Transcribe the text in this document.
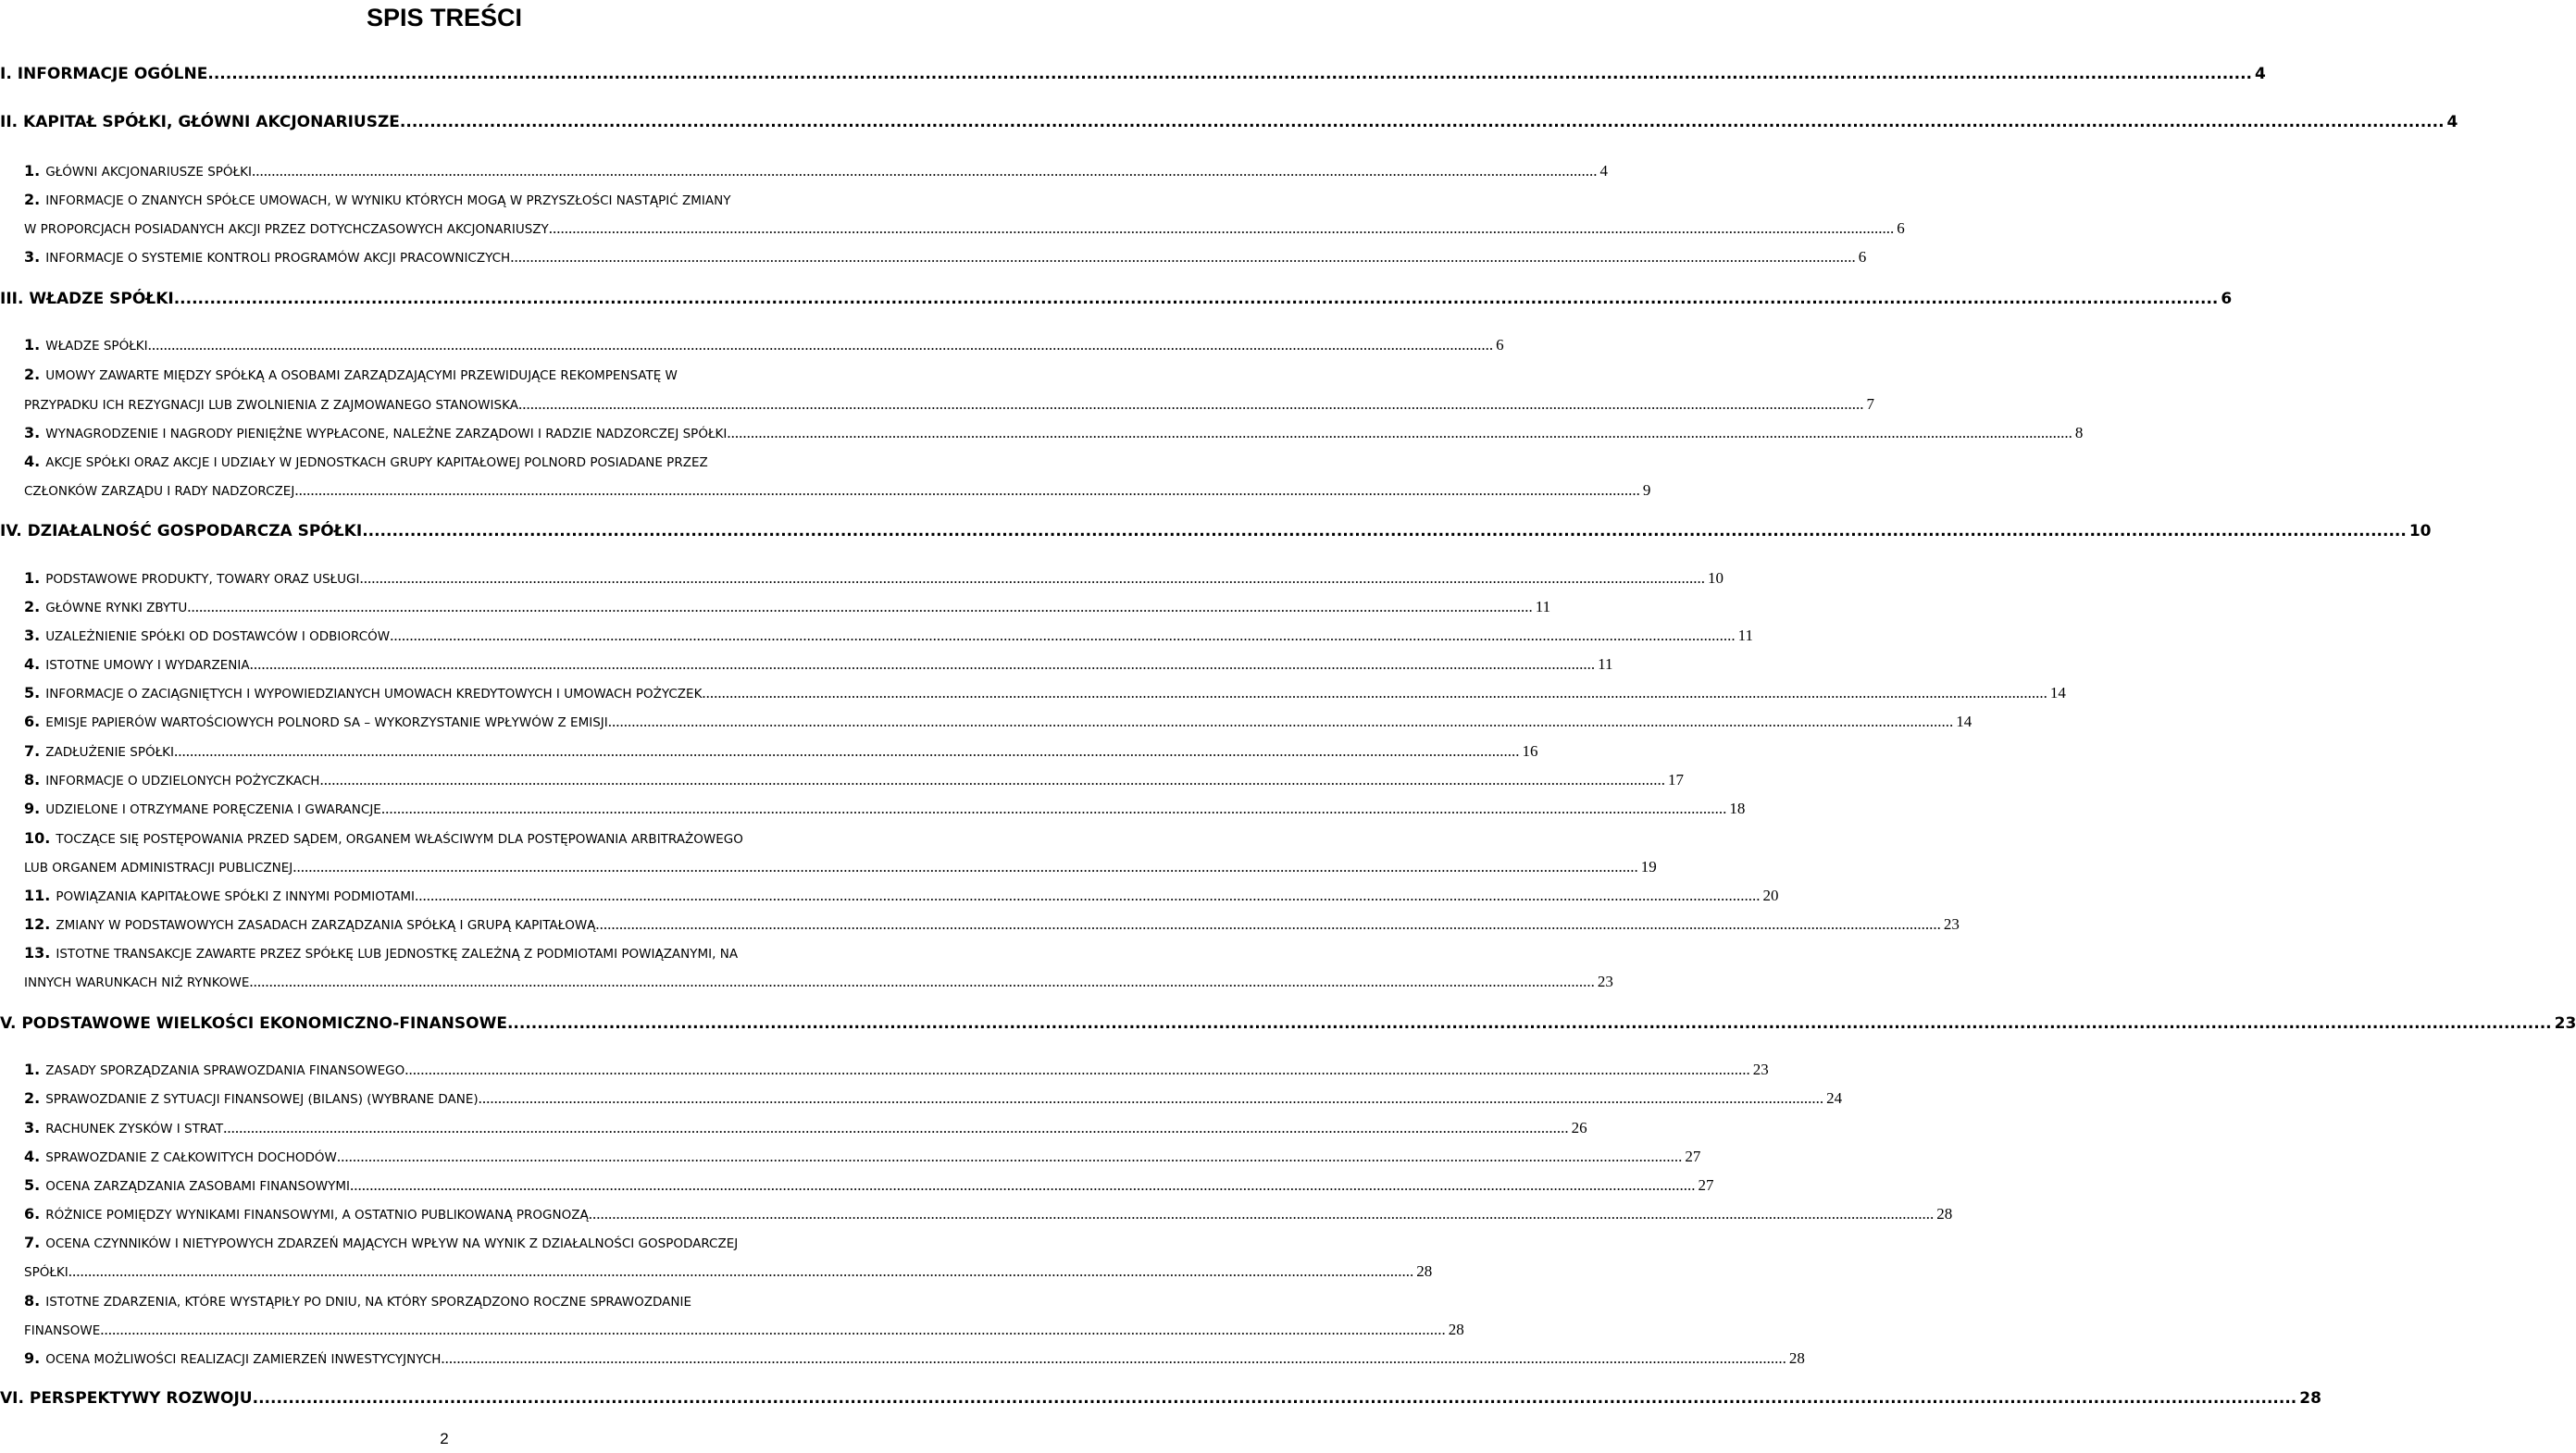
SPIS TREŚCI
I. INFORMACJE OGÓLNE .....	4
II. KAPITAŁ SPÓŁKI, GŁÓWNI AKCJONARIUSZE .....	4
1. GŁÓWNI AKCJONARIUSZE SPÓŁKI .....	4
2. INFORMACJE O ZNANYCH SPÓŁCE UMOWACH, W WYNIKU KTÓRYCH MOGĄ W PRZYSZŁOŚCI NASTĄPIĆ ZMIANY
W PROPORCJACH POSIADANYCH AKCJI PRZEZ DOTYCHCZASOWYCH AKCJONARIUSZY .....	6
3. INFORMACJE O SYSTEMIE KONTROLI PROGRAMÓW AKCJI PRACOWNICZYCH .....	6
III. WŁADZE SPÓŁKI .....	6
1. WŁADZE SPÓŁKI .....	6
2. UMOWY ZAWARTE MIĘDZY SPÓŁKĄ A OSOBAMI ZARZĄDZAJĄCYMI PRZEWIDUJĄCE REKOMPENSATĘ W
PRZYPADKU ICH REZYGNACJI LUB ZWOLNIENIA Z ZAJMOWANEGO STANOWISKA .....	7
3. WYNAGRODZENIE I NAGRODY PIENIĘŻNE WYPŁACONE, NALEŻNE ZARZĄDOWI I RADZIE NADZORCZEJ SPÓŁKI .....	8
4. AKCJE SPÓŁKI ORAZ AKCJE I UDZIAŁY W JEDNOSTKACH GRUPY KAPITAŁOWEJ POLNORD POSIADANE PRZEZ
CZŁONKÓW ZARZĄDU I RADY NADZORCZEJ .....	9
IV. DZIAŁALNOŚĆ GOSPODARCZA SPÓŁKI .....	10
1. PODSTAWOWE PRODUKTY, TOWARY ORAZ USŁUGI .....	10
2. GŁÓWNE RYNKI ZBYTU .....	11
3. UZALEŻNIENIE SPÓŁKI OD DOSTAWCÓW I ODBIORCÓW .....	11
4. ISTOTNE UMOWY I WYDARZENIA .....	11
5. INFORMACJE O ZACIĄGNIĘTYCH I WYPOWIEDZIANYCH UMOWACH KREDYTOWYCH I UMOWACH POŻYCZEK .....	14
6. EMISJE PAPIERÓW WARTOŚCIOWYCH POLNORD SA – WYKORZYSTANIE WPŁYWÓW Z EMISJI .....	14
7. ZADŁUŻENIE SPÓŁKI .....	16
8. INFORMACJE O UDZIELONYCH POŻYCZKACH .....	17
9. UDZIELONE I OTRZYMANE PORĘCZENIA I GWARANCJE .....	18
10. TOCZĄCE SIĘ POSTĘPOWANIA PRZED SĄDEM, ORGANEM WŁAŚCIWYM DLA POSTĘPOWANIA ARBITRAŻOWEGO
LUB ORGANEM ADMINISTRACJI PUBLICZNEJ .....	19
11. POWIĄZANIA KAPITAŁOWE SPÓŁKI Z INNYMI PODMIOTAMI .....	20
12. ZMIANY W PODSTAWOWYCH ZASADACH ZARZĄDZANIA SPÓŁKĄ I GRUPĄ KAPITAŁOWĄ .....	23
13. ISTOTNE TRANSAKCJE ZAWARTE PRZEZ SPÓŁKĘ LUB JEDNOSTKĘ ZALEŻNĄ Z PODMIOTAMI POWIĄZANYMI, NA
INNYCH WARUNKACH NIŻ RYNKOWE .....	23
V. PODSTAWOWE WIELKOŚCI EKONOMICZNO-FINANSOWE .....	23
1. ZASADY SPORZĄDZANIA SPRAWOZDANIA FINANSOWEGO .....	23
2. SPRAWOZDANIE Z SYTUACJI FINANSOWEJ (BILANS) (WYBRANE DANE) .....	24
3. RACHUNEK ZYSKÓW I STRAT .....	26
4. SPRAWOZDANIE Z CAŁKOWITYCH DOCHODÓW .....	27
5. OCENA ZARZĄDZANIA ZASOBAMI FINANSOWYMI .....	27
6. RÓŻNICE POMIĘDZY WYNIKAMI FINANSOWYMI, A OSTATNIO PUBLIKOWANĄ PROGNOZĄ .....	28
7. OCENA CZYNNIKÓW I NIETYPOWYCH ZDARZEŃ MAJĄCYCH WPŁYW NA WYNIK Z DZIAŁALNOŚCI GOSPODARCZEJ
SPÓŁKI .....	28
8. ISTOTNE ZDARZENIA, KTÓRE WYSTĄPIŁY PO DNIU, NA KTÓRY SPORZĄDZONO ROCZNE SPRAWOZDANIE
FINANSOWE .....	28
9. OCENA MOŻLIWOŚCI REALIZACJI ZAMIERZEŃ INWESTYCYJNYCH .....	28
VI. PERSPEKTYWY ROZWOJU .....	28
2
